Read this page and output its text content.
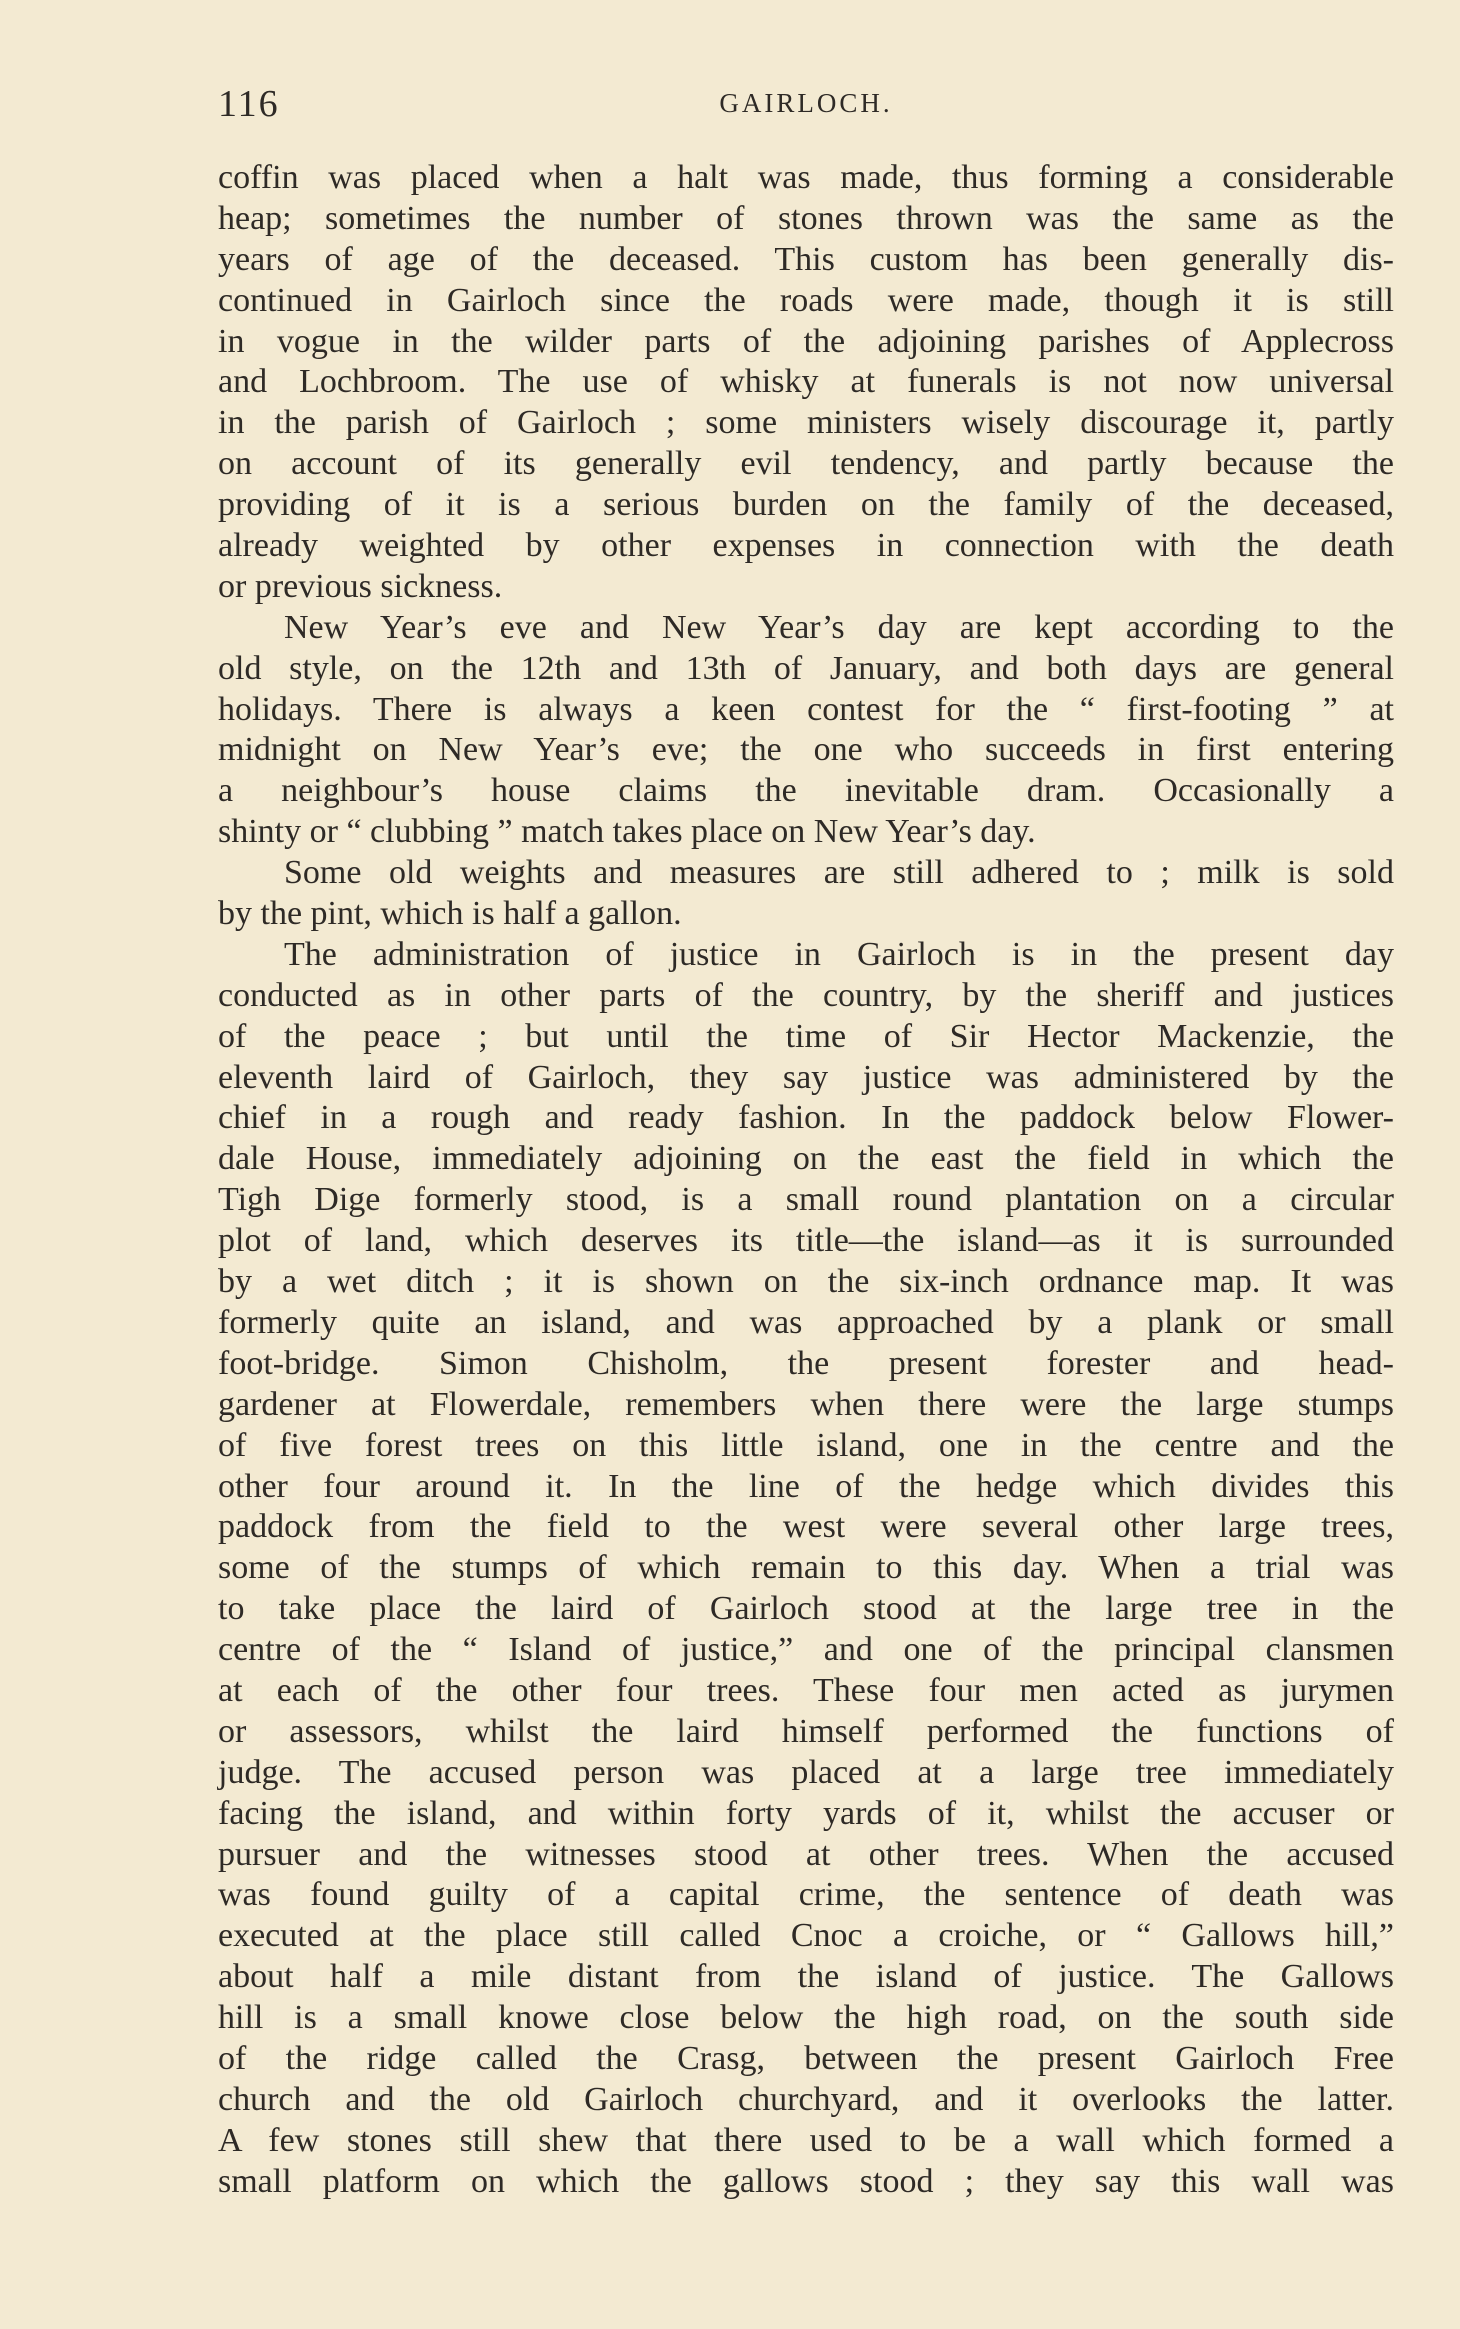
116	GAIRLOCH.
coffin was placed when a halt was made, thus forming a considerable
heap; sometimes the number of stones thrown was the same as the
years of age of the deceased. This custom has been generally dis-
continued in Gairloch since the roads were made, though it is still
in vogue in the wilder parts of the adjoining parishes of Applecross
and Lochbroom. The use of whisky at funerals is not now universal
in the parish of Gairloch ; some ministers wisely discourage it, partly
on account of its generally evil tendency, and partly because the
providing of it is a serious burden on the family of the deceased,
already weighted by other expenses in connection with the death
or previous sickness.
New Year’s eve and New Year’s day are kept according to the
old style, on the 12th and 13th of January, and both days are general
holidays. There is always a keen contest for the “ first-footing ” at
midnight on New Year’s eve; the one who succeeds in first entering
a neighbour’s house claims the inevitable dram. Occasionally a
shinty or “ clubbing ” match takes place on New Year’s day.
Some old weights and measures are still adhered to ; milk is sold
by the pint, which is half a gallon.
The administration of justice in Gairloch is in the present day
conducted as in other parts of the country, by the sheriff and justices
of the peace ; but until the time of Sir Hector Mackenzie, the
eleventh laird of Gairloch, they say justice was administered by the
chief in a rough and ready fashion. In the paddock below Flower-
dale House, immediately adjoining on the east the field in which the
Tigh Dige formerly stood, is a small round plantation on a circular
plot of land, which deserves its title—the island—as it is surrounded
by a wet ditch ; it is shown on the six-inch ordnance map. It was
formerly quite an island, and was approached by a plank or small
foot-bridge. Simon Chisholm, the present forester and head-
gardener at Flowerdale, remembers when there were the large stumps
of five forest trees on this little island, one in the centre and the
other four around it. In the line of the hedge which divides this
paddock from the field to the west were several other large trees,
some of the stumps of which remain to this day. When a trial was
to take place the laird of Gairloch stood at the large tree in the
centre of the “ Island of justice,” and one of the principal clansmen
at each of the other four trees. These four men acted as jurymen
or assessors, whilst the laird himself performed the functions of
judge. The accused person was placed at a large tree immediately
facing the island, and within forty yards of it, whilst the accuser or
pursuer and the witnesses stood at other trees. When the accused
was found guilty of a capital crime, the sentence of death was
executed at the place still called Cnoc a croiche, or “ Gallows hill,”
about half a mile distant from the island of justice. The Gallows
hill is a small knowe close below the high road, on the south side
of the ridge called the Crasg, between the present Gairloch Free
church and the old Gairloch churchyard, and it overlooks the latter.
A few stones still shew that there used to be a wall which formed a
small platform on which the gallows stood ; they say this wall was
